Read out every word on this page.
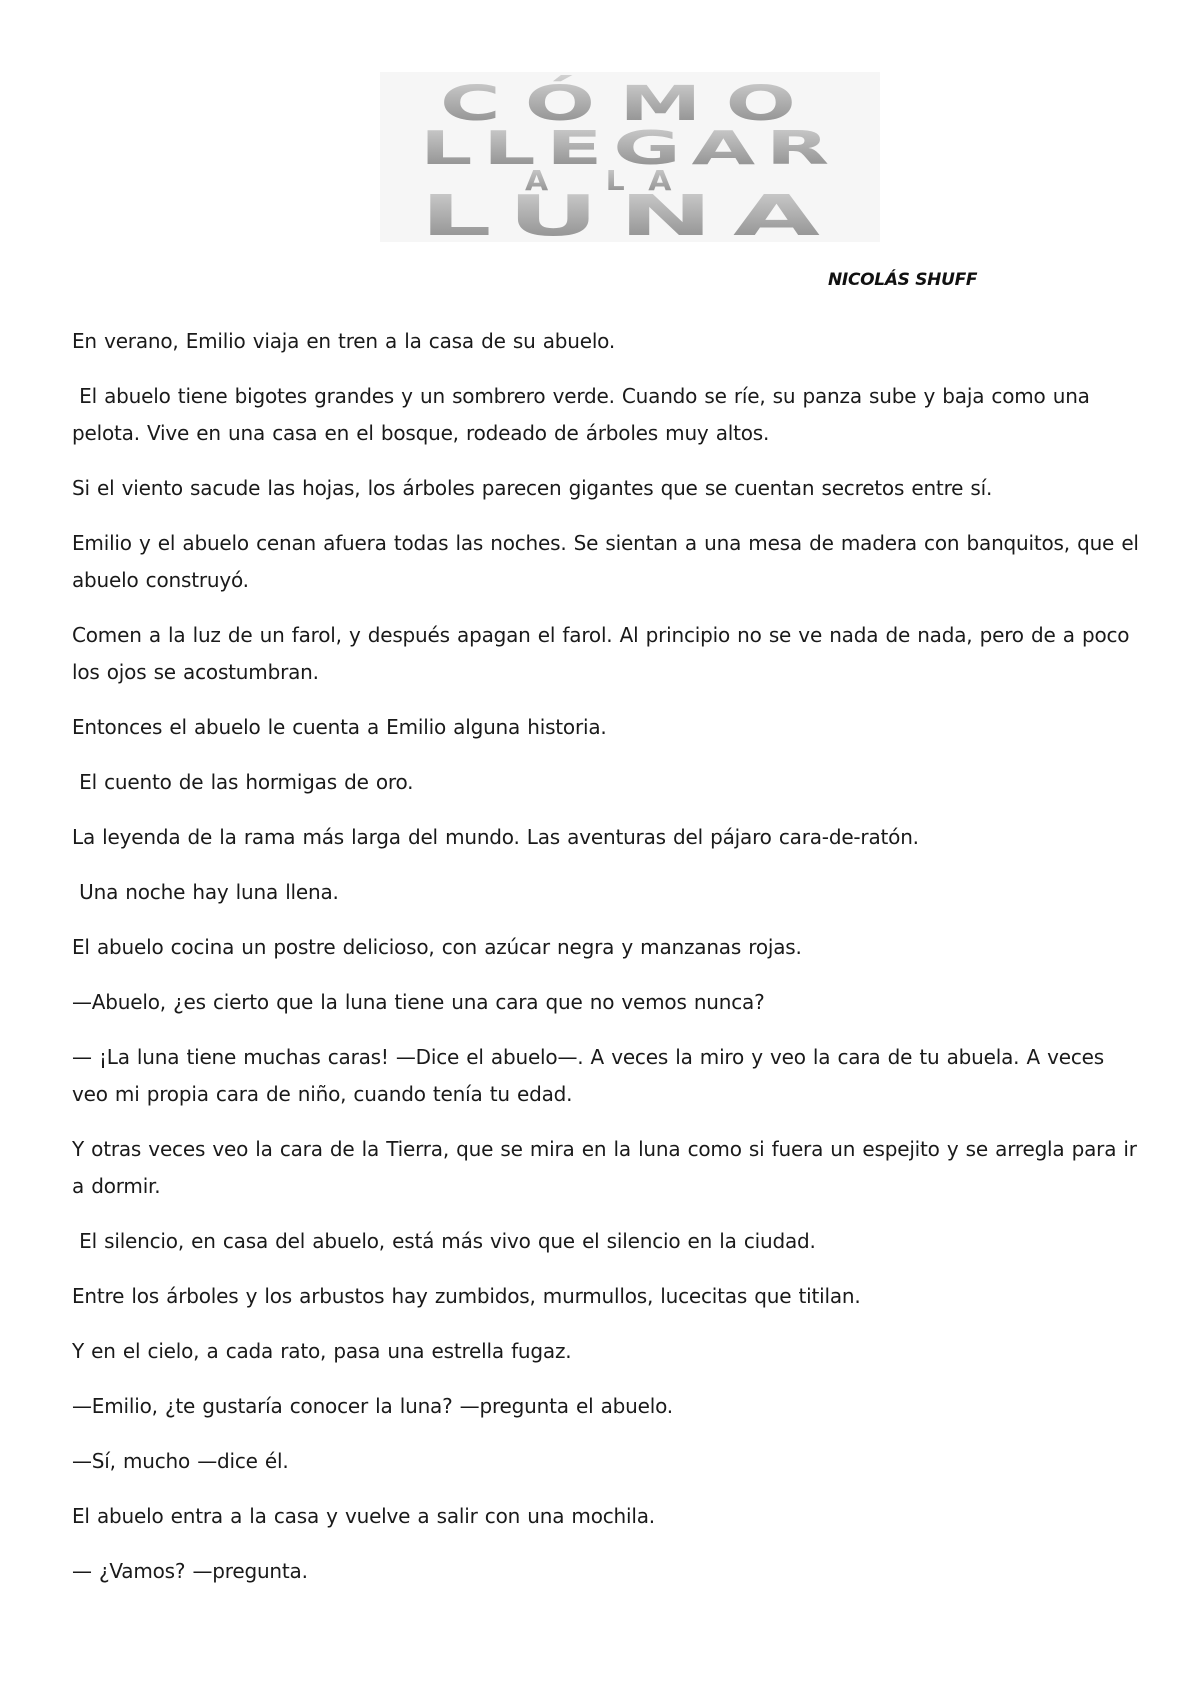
CÓMO
LLEGAR
A LA
LUNA
NICOLÁS SHUFF

En verano, Emilio viaja en tren a la casa de su abuelo.

El abuelo tiene bigotes grandes y un sombrero verde. Cuando se ríe, su panza sube y baja como una pelota. Vive en una casa en el bosque, rodeado de árboles muy altos.

Si el viento sacude las hojas, los árboles parecen gigantes que se cuentan secretos entre sí.

Emilio y el abuelo cenan afuera todas las noches. Se sientan a una mesa de madera con banquitos, que el abuelo construyó.

Comen a la luz de un farol, y después apagan el farol. Al principio no se ve nada de nada, pero de a poco los ojos se acostumbran.

Entonces el abuelo le cuenta a Emilio alguna historia.

El cuento de las hormigas de oro.

La leyenda de la rama más larga del mundo. Las aventuras del pájaro cara-de-ratón.

Una noche hay luna llena.

El abuelo cocina un postre delicioso, con azúcar negra y manzanas rojas.

—Abuelo, ¿es cierto que la luna tiene una cara que no vemos nunca?

— ¡La luna tiene muchas caras! —Dice el abuelo—. A veces la miro y veo la cara de tu abuela. A veces veo mi propia cara de niño, cuando tenía tu edad.

Y otras veces veo la cara de la Tierra, que se mira en la luna como si fuera un espejito y se arregla para ir a dormir.

El silencio, en casa del abuelo, está más vivo que el silencio en la ciudad.

Entre los árboles y los arbustos hay zumbidos, murmullos, lucecitas que titilan.

Y en el cielo, a cada rato, pasa una estrella fugaz.

—Emilio, ¿te gustaría conocer la luna? —pregunta el abuelo.

—Sí, mucho —dice él.

El abuelo entra a la casa y vuelve a salir con una mochila.

— ¿Vamos? —pregunta.
